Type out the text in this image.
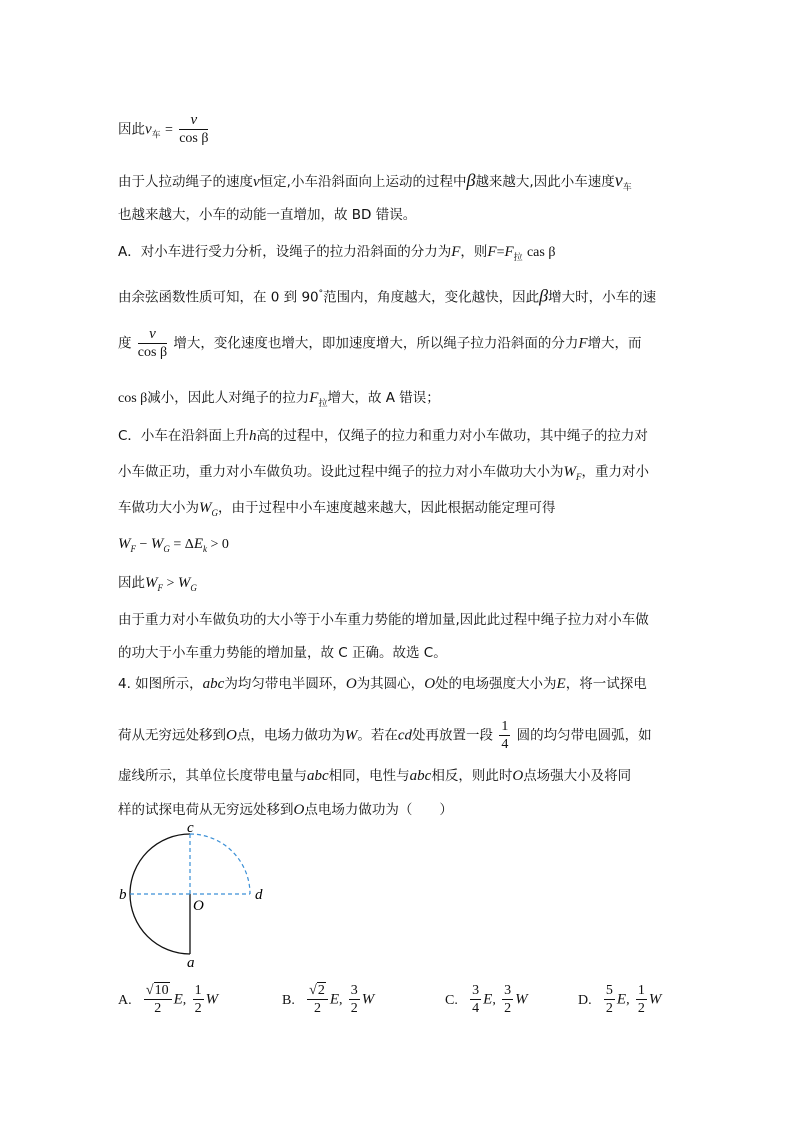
因此$v_车 = \frac{v}{\text{cos β}}$
由于人拉动绳子的速度v恒定,小车沿斜面向上运动的过程中β越来越大,因此小车速度$v_车$
也越来越大，小车的动能一直增加，故 BD 错误。
A．对小车进行受力分析，设绳子的拉力沿斜面的分力为F，则$F=F_拉$ cas β
由余弦函数性质可知，在 0 到 90°范围内，角度越大，变化越快，因此β增大时，小车的速
度 $\frac{v}{\text{cos β}}$ 增大，变化速度也增大，即加速度增大，所以绳子拉力沿斜面的分力F增大，而
cos β减小，因此人对绳子的拉力$F_拉$增大，故 A 错误；
C．小车在沿斜面上升h高的过程中，仅绳子的拉力和重力对小车做功，其中绳子的拉力对
小车做正功，重力对小车做负功。设此过程中绳子的拉力对小车做功大小为$W_F$，重力对小
车做功大小为$W_G$，由于过程中小车速度越来越大，因此根据动能定理可得
$W_F - W_G = \Delta E_k > 0$
因此$W_F > W_G$
由于重力对小车做负功的大小等于小车重力势能的增加量,因此此过程中绳子拉力对小车做
的功大于小车重力势能的增加量，故 C 正确。故选 C。
4. 如图所示，abc为均匀带电半圆环，O为其圆心，O处的电场强度大小为E，将一试探电
荷从无穷远处移到O点，电场力做功为W。若在cd处再放置一段 $\frac{1}{4}$ 圆的均匀带电圆弧，如
虚线所示，其单位长度带电量与abc相同，电性与abc相反，则此时O点场强大小及将同
样的试探电荷从无穷远处移到O点电场力做功为（　　）
c
b	d
O
a
A. $\frac{√10}{2} E$, $\frac{1}{2}$ W	B. $\frac{√2}{2} E$, $\frac{3}{2}$ W	C. $\frac{3}{4} E$, $\frac{3}{2}$ W	D. $\frac{5}{2} E$, $\frac{1}{2}$ W
